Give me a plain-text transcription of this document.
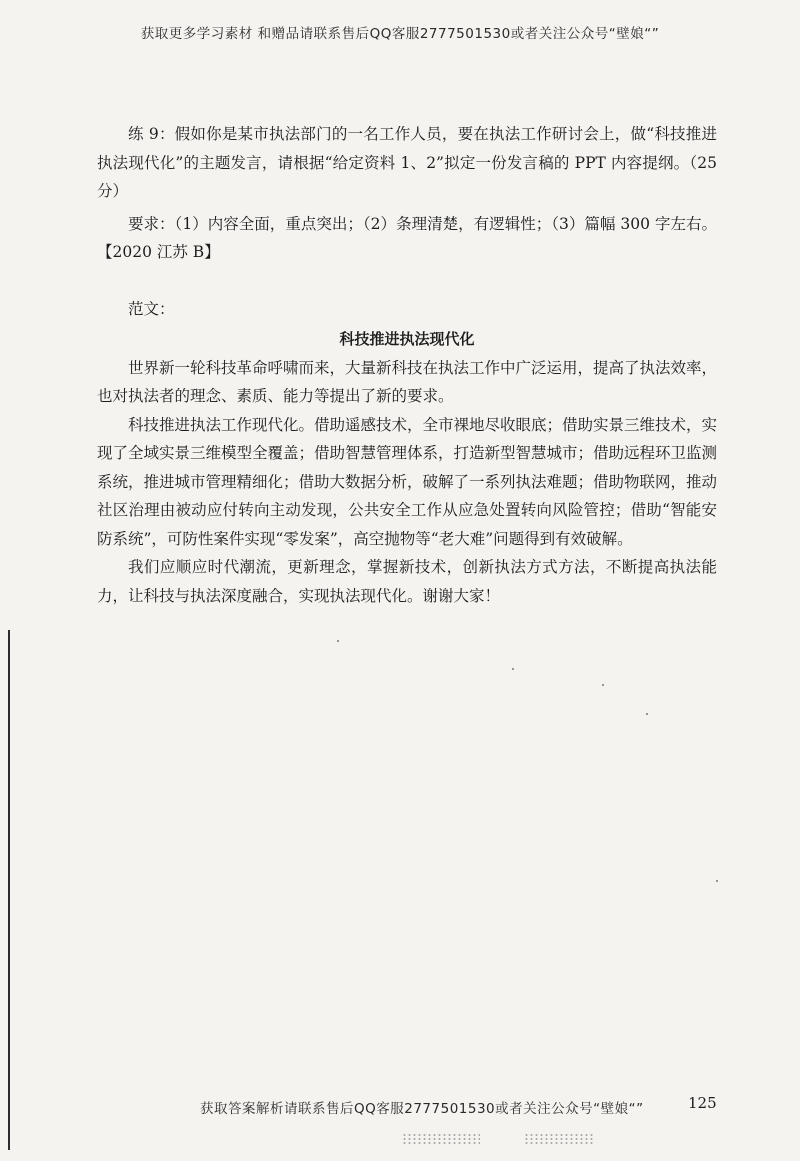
获取更多学习素材 和赠品请联系售后QQ客服2777501530或者关注公众号“壁娘“”

练 9：假如你是某市执法部门的一名工作人员，要在执法工作研讨会上，做“科技推进执法现代化”的主题发言，请根据“给定资料 1、2”拟定一份发言稿的 PPT 内容提纲。（25 分）

要求：（1）内容全面，重点突出；（2）条理清楚，有逻辑性；（3）篇幅 300 字左右。【2020 江苏 B】

范文：

科技推进执法现代化

世界新一轮科技革命呼啸而来，大量新科技在执法工作中广泛运用，提高了执法效率，也对执法者的理念、素质、能力等提出了新的要求。

科技推进执法工作现代化。借助遥感技术，全市裸地尽收眼底；借助实景三维技术，实现了全域实景三维模型全覆盖；借助智慧管理体系，打造新型智慧城市；借助远程环卫监测系统，推进城市管理精细化；借助大数据分析，破解了一系列执法难题；借助物联网，推动社区治理由被动应付转向主动发现，公共安全工作从应急处置转向风险管控；借助“智能安防系统”，可防性案件实现“零发案”，高空抛物等“老大难”问题得到有效破解。

我们应顺应时代潮流，更新理念，掌握新技术，创新执法方式方法，不断提高执法能力，让科技与执法深度融合，实现执法现代化。谢谢大家！

获取答案解析请联系售后QQ客服2777501530或者关注公众号“壁娘“”	125
